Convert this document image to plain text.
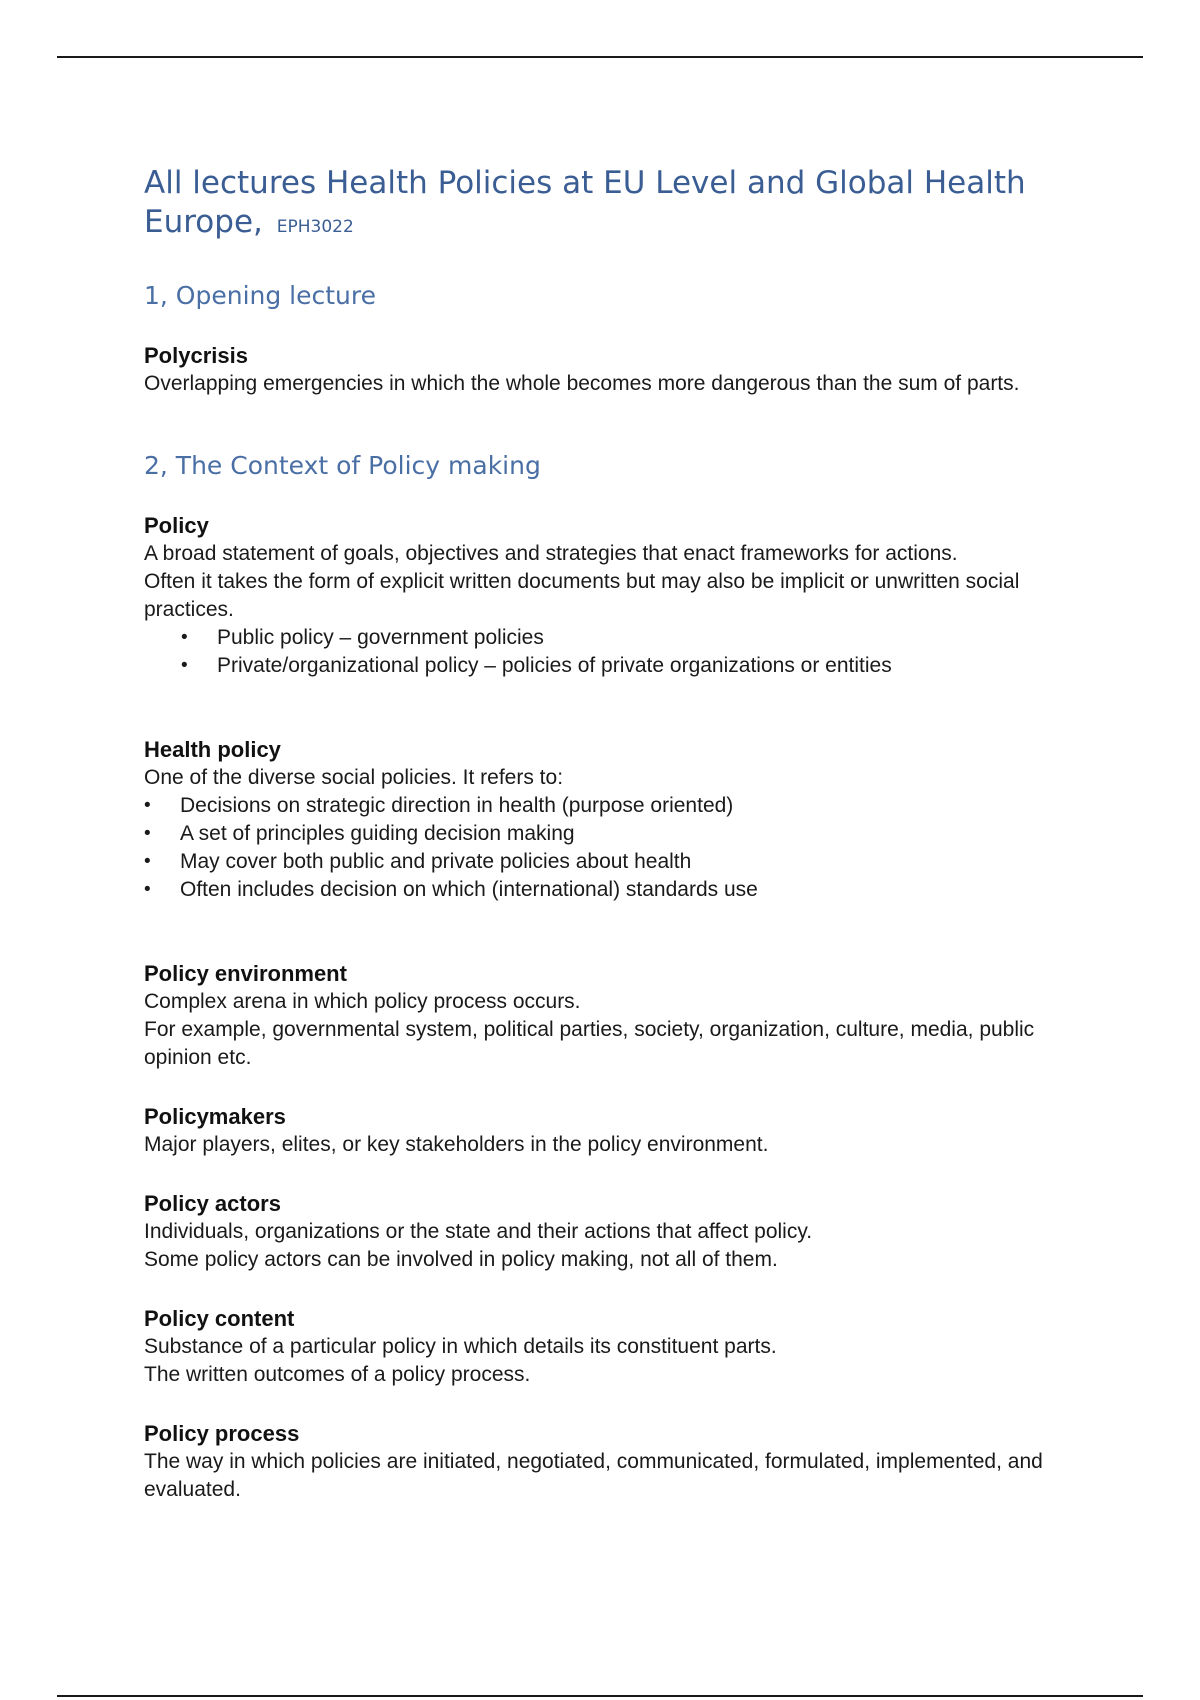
All lectures Health Policies at EU Level and Global Health Europe, EPH3022
1, Opening lecture
Polycrisis
Overlapping emergencies in which the whole becomes more dangerous than the sum of parts.
2, The Context of Policy making
Policy
A broad statement of goals, objectives and strategies that enact frameworks for actions.
Often it takes the form of explicit written documents but may also be implicit or unwritten social practices.
• Public policy – government policies
• Private/organizational policy – policies of private organizations or entities
Health policy
One of the diverse social policies. It refers to:
• Decisions on strategic direction in health (purpose oriented)
• A set of principles guiding decision making
• May cover both public and private policies about health
• Often includes decision on which (international) standards use
Policy environment
Complex arena in which policy process occurs.
For example, governmental system, political parties, society, organization, culture, media, public opinion etc.
Policymakers
Major players, elites, or key stakeholders in the policy environment.
Policy actors
Individuals, organizations or the state and their actions that affect policy.
Some policy actors can be involved in policy making, not all of them.
Policy content
Substance of a particular policy in which details its constituent parts.
The written outcomes of a policy process.
Policy process
The way in which policies are initiated, negotiated, communicated, formulated, implemented, and evaluated.
